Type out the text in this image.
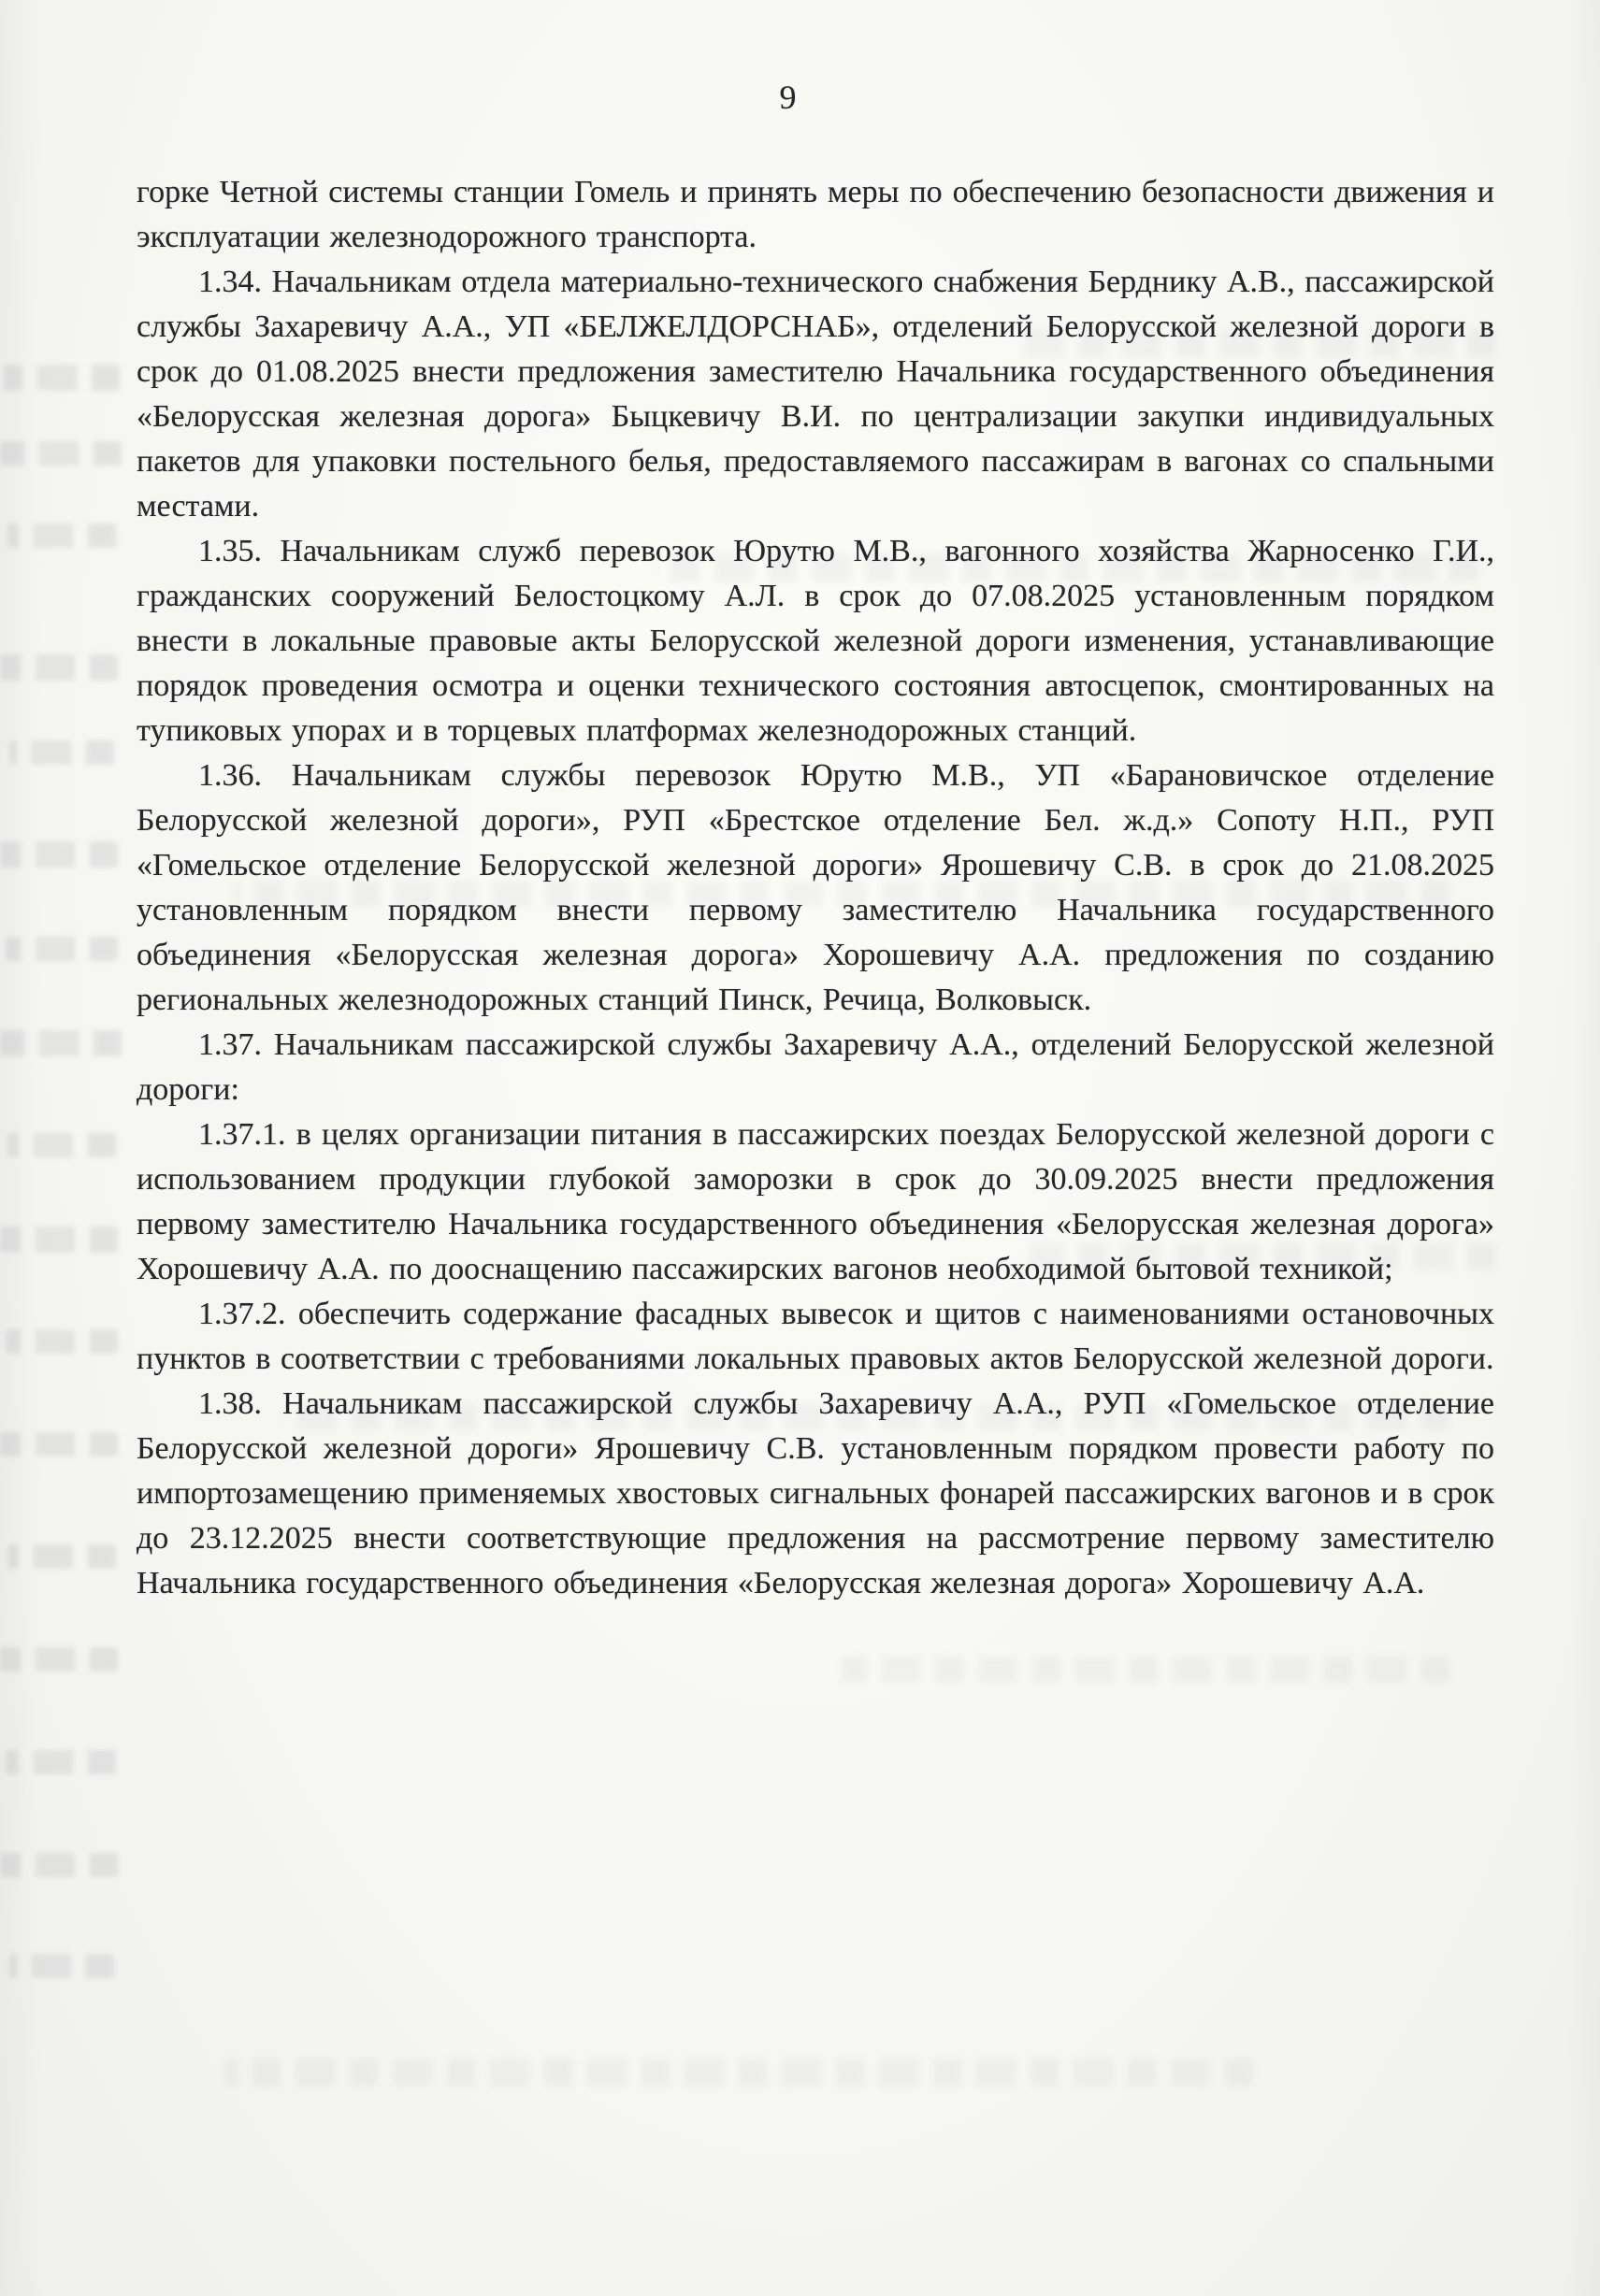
9

горке Четной системы станции Гомель и принять меры по обеспечению безопасности движения и эксплуатации железнодорожного транспорта.

1.34. Начальникам отдела материально-технического снабжения Берднику А.В., пассажирской службы Захаревичу А.А., УП «БЕЛЖЕЛДОРСНАБ», отделений Белорусской железной дороги в срок до 01.08.2025 внести предложения заместителю Начальника государственного объединения «Белорусская железная дорога» Быцкевичу В.И. по централизации закупки индивидуальных пакетов для упаковки постельного белья, предоставляемого пассажирам в вагонах со спальными местами.

1.35. Начальникам служб перевозок Юрутю М.В., вагонного хозяйства Жарносенко Г.И., гражданских сооружений Белостоцкому А.Л. в срок до 07.08.2025 установленным порядком внести в локальные правовые акты Белорусской железной дороги изменения, устанавливающие порядок проведения осмотра и оценки технического состояния автосцепок, смонтированных на тупиковых упорах и в торцевых платформах железнодорожных станций.

1.36. Начальникам службы перевозок Юрутю М.В., УП «Барановичское отделение Белорусской железной дороги», РУП «Брестское отделение Бел. ж.д.» Сопоту Н.П., РУП «Гомельское отделение Белорусской железной дороги» Ярошевичу С.В. в срок до 21.08.2025 установленным порядком внести первому заместителю Начальника государственного объединения «Белорусская железная дорога» Хорошевичу А.А. предложения по созданию региональных железнодорожных станций Пинск, Речица, Волковыск.

1.37. Начальникам пассажирской службы Захаревичу А.А., отделений Белорусской железной дороги:

1.37.1. в целях организации питания в пассажирских поездах Белорусской железной дороги с использованием продукции глубокой заморозки в срок до 30.09.2025 внести предложения первому заместителю Начальника государственного объединения «Белорусская железная дорога» Хорошевичу А.А. по дооснащению пассажирских вагонов необходимой бытовой техникой;

1.37.2. обеспечить содержание фасадных вывесок и щитов с наименованиями остановочных пунктов в соответствии с требованиями локальных правовых актов Белорусской железной дороги.

1.38. Начальникам пассажирской службы Захаревичу А.А., РУП «Гомельское отделение Белорусской железной дороги» Ярошевичу С.В. установленным порядком провести работу по импортозамещению применяемых хвостовых сигнальных фонарей пассажирских вагонов и в срок до 23.12.2025 внести соответствующие предложения на рассмотрение первому заместителю Начальника государственного объединения «Белорусская железная дорога» Хорошевичу А.А.
